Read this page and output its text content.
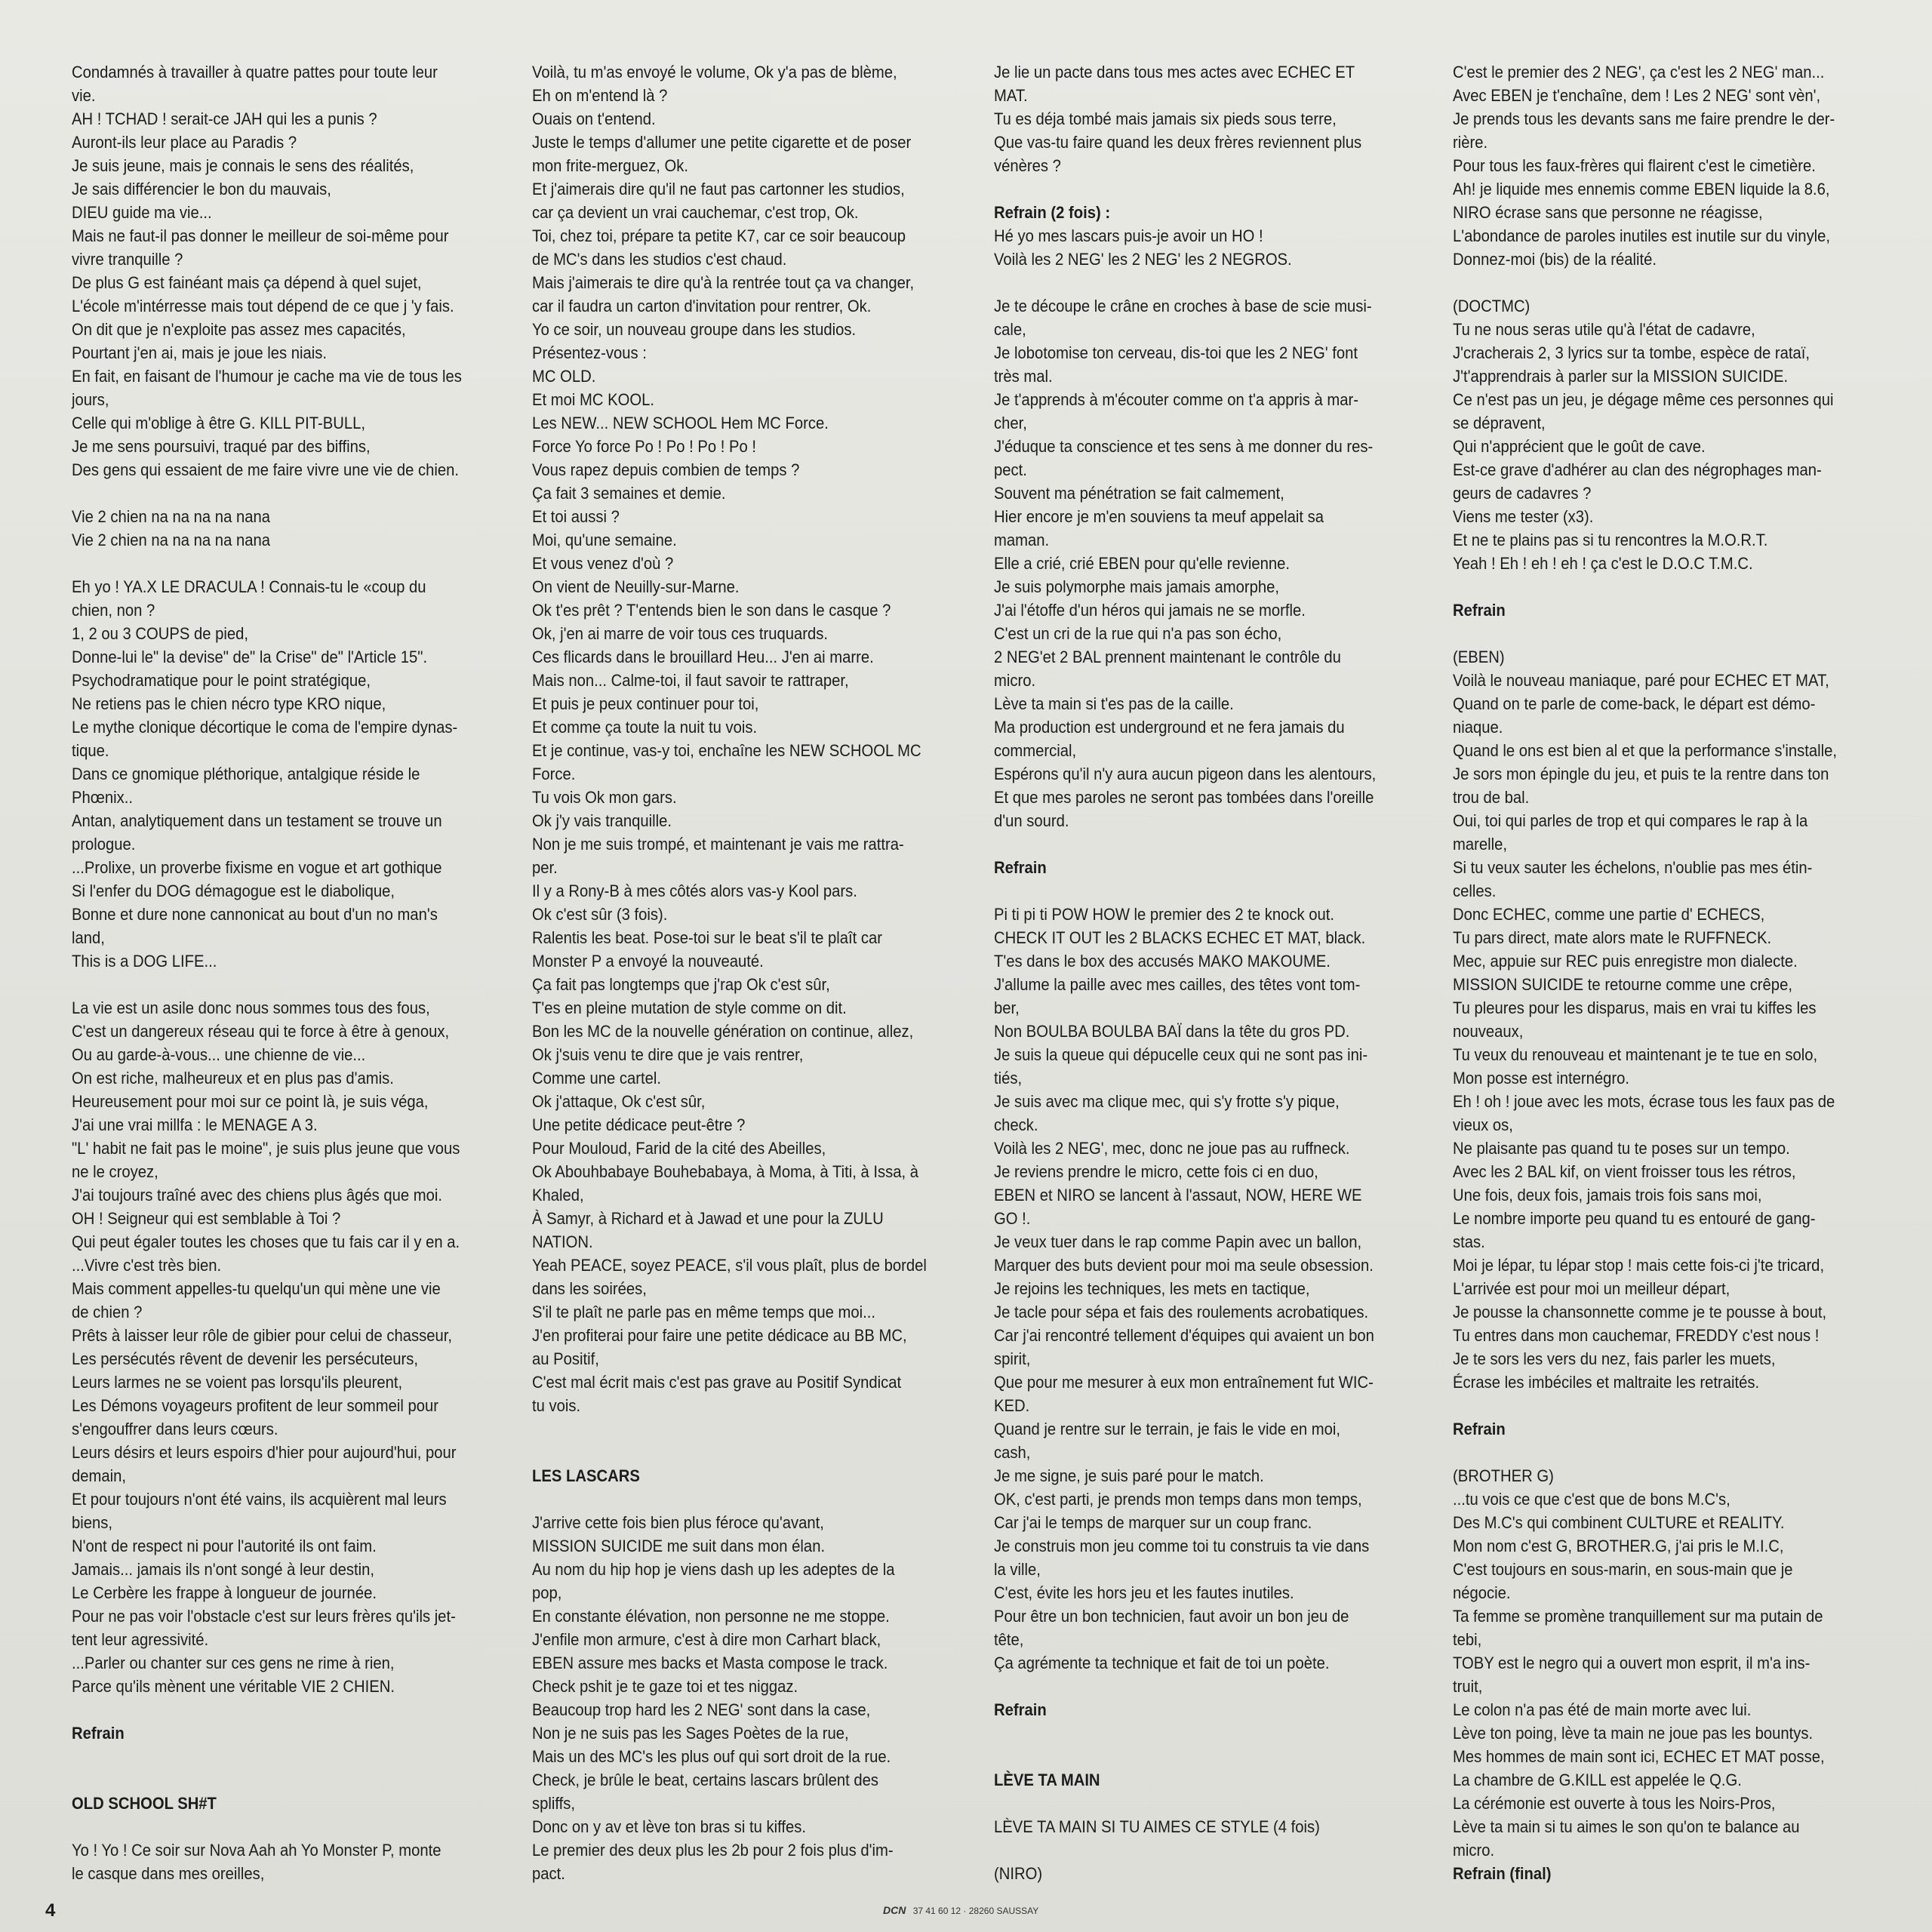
Condamnés à travailler à quatre pattes pour toute leur
vie.
AH ! TCHAD ! serait-ce JAH qui les a punis ?
Auront-ils leur place au Paradis ?
Je suis jeune, mais je connais le sens des réalités,
Je sais différencier le bon du mauvais,
DIEU guide ma vie...
Mais ne faut-il pas donner le meilleur de soi-même pour
vivre tranquille ?
De plus G est fainéant mais ça dépend à quel sujet,
L'école m'intérresse mais tout dépend de ce que j 'y fais.
On dit que je n'exploite pas assez mes capacités,
Pourtant j'en ai, mais je joue les niais.
En fait, en faisant de l'humour je cache ma vie de tous les
jours,
Celle qui m'oblige à être G. KILL PIT-BULL,
Je me sens poursuivi, traqué par des biffins,
Des gens qui essaient de me faire vivre une vie de chien.
Vie 2 chien na na na na nana
Vie 2 chien na na na na nana
Eh yo ! YA.X LE DRACULA ! Connais-tu le «coup du
chien, non ?
1, 2 ou 3 COUPS de pied,
Donne-lui le" la devise" de" la Crise" de" l'Article 15".
Psychodramatique pour le point stratégique,
Ne retiens pas le chien nécro type KRO nique,
Le mythe clonique décortique le coma de l'empire dynas-
tique.
Dans ce gnomique pléthorique, antalgique réside le
Phœnix..
Antan, analytiquement dans un testament se trouve un
prologue.
...Prolixe, un proverbe fixisme en vogue et art gothique
Si l'enfer du DOG démagogue est le diabolique,
Bonne et dure none cannonicat au bout d'un no man's
land,
This is a DOG LIFE...
La vie est un asile donc nous sommes tous des fous,
C'est un dangereux réseau qui te force à être à genoux,
Ou au garde-à-vous... une chienne de vie...
On est riche, malheureux et en plus pas d'amis.
Heureusement pour moi sur ce point là, je suis véga,
J'ai une vrai millfa : le MENAGE A 3.
"L' habit ne fait pas le moine", je suis plus jeune que vous
ne le croyez,
J'ai toujours traîné avec des chiens plus âgés que moi.
OH ! Seigneur qui est semblable à Toi ?
Qui peut égaler toutes les choses que tu fais car il y en a.
...Vivre c'est très bien.
Mais comment appelles-tu quelqu'un qui mène une vie
de chien ?
Prêts à laisser leur rôle de gibier pour celui de chasseur,
Les persécutés rêvent de devenir les persécuteurs,
Leurs larmes ne se voient pas lorsqu'ils pleurent,
Les Démons voyageurs profitent de leur sommeil pour
s'engouffrer dans leurs cœurs.
Leurs désirs et leurs espoirs d'hier pour aujourd'hui, pour
demain,
Et pour toujours n'ont été vains, ils acquièrent mal leurs
biens,
N'ont de respect ni pour l'autorité ils ont faim.
Jamais... jamais ils n'ont songé à leur destin,
Le Cerbère les frappe à longueur de journée.
Pour ne pas voir l'obstacle c'est sur leurs frères qu'ils jet-
tent leur agressivité.
...Parler ou chanter sur ces gens ne rime à rien,
Parce qu'ils mènent une véritable VIE 2 CHIEN.
Refrain
OLD SCHOOL SH#T
Yo ! Yo ! Ce soir sur Nova Aah ah Yo Monster P, monte
le casque dans mes oreilles,
Voilà, tu m'as envoyé le volume, Ok y'a pas de blème,
Eh on m'entend là ?
Ouais on t'entend.
Juste le temps d'allumer une petite cigarette et de poser
mon frite-merguez, Ok.
Et j'aimerais dire qu'il ne faut pas cartonner les studios,
car ça devient un vrai cauchemar, c'est trop, Ok.
Toi, chez toi, prépare ta petite K7, car ce soir beaucoup
de MC's dans les studios c'est chaud.
Mais j'aimerais te dire qu'à la rentrée tout ça va changer,
car il faudra un carton d'invitation pour rentrer, Ok.
Yo ce soir, un nouveau groupe dans les studios.
Présentez-vous :
MC OLD.
Et moi MC KOOL.
Les NEW... NEW SCHOOL Hem MC Force.
Force Yo force Po ! Po ! Po ! Po !
Vous rapez depuis combien de temps ?
Ça fait 3 semaines et demie.
Et toi aussi ?
Moi, qu'une semaine.
Et vous venez d'où ?
On vient de Neuilly-sur-Marne.
Ok t'es prêt ? T'entends bien le son dans le casque ?
Ok, j'en ai marre de voir tous ces truquards.
Ces flicards dans le brouillard Heu... J'en ai marre.
Mais non... Calme-toi, il faut savoir te rattraper,
Et puis je peux continuer pour toi,
Et comme ça toute la nuit tu vois.
Et je continue, vas-y toi, enchaîne les NEW SCHOOL MC
Force.
Tu vois Ok mon gars.
Ok j'y vais tranquille.
Non je me suis trompé, et maintenant je vais me rattra-
per.
Il y a Rony-B à mes côtés alors vas-y Kool pars.
Ok c'est sûr (3 fois).
Ralentis les beat. Pose-toi sur le beat s'il te plaît car
Monster P a envoyé la nouveauté.
Ça fait pas longtemps que j'rap Ok c'est sûr,
T'es en pleine mutation de style comme on dit.
Bon les MC de la nouvelle génération on continue, allez,
Ok j'suis venu te dire que je vais rentrer,
Comme une cartel.
Ok j'attaque, Ok c'est sûr,
Une petite dédicace peut-être ?
Pour Mouloud, Farid de la cité des Abeilles,
Ok Abouhbabaye Bouhebabaya, à Moma, à Titi, à Issa, à
Khaled,
À Samyr, à Richard et à Jawad et une pour la ZULU
NATION.
Yeah PEACE, soyez PEACE, s'il vous plaît, plus de bordel
dans les soirées,
S'il te plaît ne parle pas en même temps que moi...
J'en profiterai pour faire une petite dédicace au BB MC,
au Positif,
C'est mal écrit mais c'est pas grave au Positif Syndicat
tu vois.
LES LASCARS
J'arrive cette fois bien plus féroce qu'avant,
MISSION SUICIDE me suit dans mon élan.
Au nom du hip hop je viens dash up les adeptes de la
pop,
En constante élévation, non personne ne me stoppe.
J'enfile mon armure, c'est à dire mon Carhart black,
EBEN assure mes backs et Masta compose le track.
Check pshit je te gaze toi et tes niggaz.
Beaucoup trop hard les 2 NEG' sont dans la case,
Non je ne suis pas les Sages Poètes de la rue,
Mais un des MC's les plus ouf qui sort droit de la rue.
Check, je brûle le beat, certains lascars brûlent des
spliffs,
Donc on y av et lève ton bras si tu kiffes.
Le premier des deux plus les 2b pour 2 fois plus d'im-
pact.
Je lie un pacte dans tous mes actes avec ECHEC ET
MAT.
Tu es déja tombé mais jamais six pieds sous terre,
Que vas-tu faire quand les deux frères reviennent plus
vénères ?
Refrain (2 fois) :
Hé yo mes lascars puis-je avoir un HO !
Voilà les 2 NEG' les 2 NEG' les 2 NEGROS.
Je te découpe le crâne en croches à base de scie musi-
cale,
Je lobotomise ton cerveau, dis-toi que les 2 NEG' font
très mal.
Je t'apprends à m'écouter comme on t'a appris à mar-
cher,
J'éduque ta conscience et tes sens à me donner du res-
pect.
Souvent ma pénétration se fait calmement,
Hier encore je m'en souviens ta meuf appelait sa
maman.
Elle a crié, crié EBEN pour qu'elle revienne.
Je suis polymorphe mais jamais amorphe,
J'ai l'étoffe d'un héros qui jamais ne se morfle.
C'est un cri de la rue qui n'a pas son écho,
2 NEG'et 2 BAL prennent maintenant le contrôle du
micro.
Lève ta main si t'es pas de la caille.
Ma production est underground et ne fera jamais du
commercial,
Espérons qu'il n'y aura aucun pigeon dans les alentours,
Et que mes paroles ne seront pas tombées dans l'oreille
d'un sourd.
Refrain
Pi ti pi ti POW HOW le premier des 2 te knock out.
CHECK IT OUT les 2 BLACKS ECHEC ET MAT, black.
T'es dans le box des accusés MAKO MAKOUME.
J'allume la paille avec mes cailles, des têtes vont tom-
ber,
Non BOULBA BOULBA BAÏ dans la tête du gros PD.
Je suis la queue qui dépucelle ceux qui ne sont pas ini-
tiés,
Je suis avec ma clique mec, qui s'y frotte s'y pique,
check.
Voilà les 2 NEG', mec, donc ne joue pas au ruffneck.
Je reviens prendre le micro, cette fois ci en duo,
EBEN et NIRO se lancent à l'assaut, NOW, HERE WE
GO !.
Je veux tuer dans le rap comme Papin avec un ballon,
Marquer des buts devient pour moi ma seule obsession.
Je rejoins les techniques, les mets en tactique,
Je tacle pour sépa et fais des roulements acrobatiques.
Car j'ai rencontré tellement d'équipes qui avaient un bon
spirit,
Que pour me mesurer à eux mon entraînement fut WIC-
KED.
Quand je rentre sur le terrain, je fais le vide en moi,
cash,
Je me signe, je suis paré pour le match.
OK, c'est parti, je prends mon temps dans mon temps,
Car j'ai le temps de marquer sur un coup franc.
Je construis mon jeu comme toi tu construis ta vie dans
la ville,
C'est, évite les hors jeu et les fautes inutiles.
Pour être un bon technicien, faut avoir un bon jeu de
tête,
Ça agrémente ta technique et fait de toi un poète.
Refrain
LÈVE TA MAIN
LÈVE TA MAIN SI TU AIMES CE STYLE (4 fois)
(NIRO)
C'est le premier des 2 NEG', ça c'est les 2 NEG' man...
Avec EBEN je t'enchaîne, dem ! Les 2 NEG' sont vèn',
Je prends tous les devants sans me faire prendre le der-
rière.
Pour tous les faux-frères qui flairent c'est le cimetière.
Ah! je liquide mes ennemis comme EBEN liquide la 8.6,
NIRO écrase sans que personne ne réagisse,
L'abondance de paroles inutiles est inutile sur du vinyle,
Donnez-moi (bis) de la réalité.
(DOCTMC)
Tu ne nous seras utile qu'à l'état de cadavre,
J'cracherais 2, 3 lyrics sur ta tombe, espèce de rataï,
J't'apprendrais à parler sur la MISSION SUICIDE.
Ce n'est pas un jeu, je dégage même ces personnes qui
se dépravent,
Qui n'apprécient que le goût de cave.
Est-ce grave d'adhérer au clan des négrophages man-
geurs de cadavres ?
Viens me tester (x3).
Et ne te plains pas si tu rencontres la M.O.R.T.
Yeah ! Eh ! eh ! eh ! ça c'est le D.O.C T.M.C.
Refrain
(EBEN)
Voilà le nouveau maniaque, paré pour ECHEC ET MAT,
Quand on te parle de come-back, le départ est démo-
niaque.
Quand le ons est bien al et que la performance s'installe,
Je sors mon épingle du jeu, et puis te la rentre dans ton
trou de bal.
Oui, toi qui parles de trop et qui compares le rap à la
marelle,
Si tu veux sauter les échelons, n'oublie pas mes étin-
celles.
Donc ECHEC, comme une partie d' ECHECS,
Tu pars direct, mate alors mate le RUFFNECK.
Mec, appuie sur REC puis enregistre mon dialecte.
MISSION SUICIDE te retourne comme une crêpe,
Tu pleures pour les disparus, mais en vrai tu kiffes les
nouveaux,
Tu veux du renouveau et maintenant je te tue en solo,
Mon posse est internégro.
Eh ! oh ! joue avec les mots, écrase tous les faux pas de
vieux os,
Ne plaisante pas quand tu te poses sur un tempo.
Avec les 2 BAL kif, on vient froisser tous les rétros,
Une fois, deux fois, jamais trois fois sans moi,
Le nombre importe peu quand tu es entouré de gang-
stas.
Moi je lépar, tu lépar stop ! mais cette fois-ci j'te tricard,
L'arrivée est pour moi un meilleur départ,
Je pousse la chansonnette comme je te pousse à bout,
Tu entres dans mon cauchemar, FREDDY c'est nous !
Je te sors les vers du nez, fais parler les muets,
Écrase les imbéciles et maltraite les retraités.
Refrain
(BROTHER G)
...tu vois ce que c'est que de bons M.C's,
Des M.C's qui combinent CULTURE et REALITY.
Mon nom c'est G, BROTHER.G, j'ai pris le M.I.C,
C'est toujours en sous-marin, en sous-main que je
négocie.
Ta femme se promène tranquillement sur ma putain de
tebi,
TOBY est le negro qui a ouvert mon esprit, il m'a ins-
truit,
Le colon n'a pas été de main morte avec lui.
Lève ton poing, lève ta main ne joue pas les bountys.
Mes hommes de main sont ici, ECHEC ET MAT posse,
La chambre de G.KILL est appelée le Q.G.
La cérémonie est ouverte à tous les Noirs-Pros,
Lève ta main si tu aimes le son qu'on te balance au
micro.
Refrain (final)
4	DCN 37 41 60 12 · 28260 SAUSSAY
